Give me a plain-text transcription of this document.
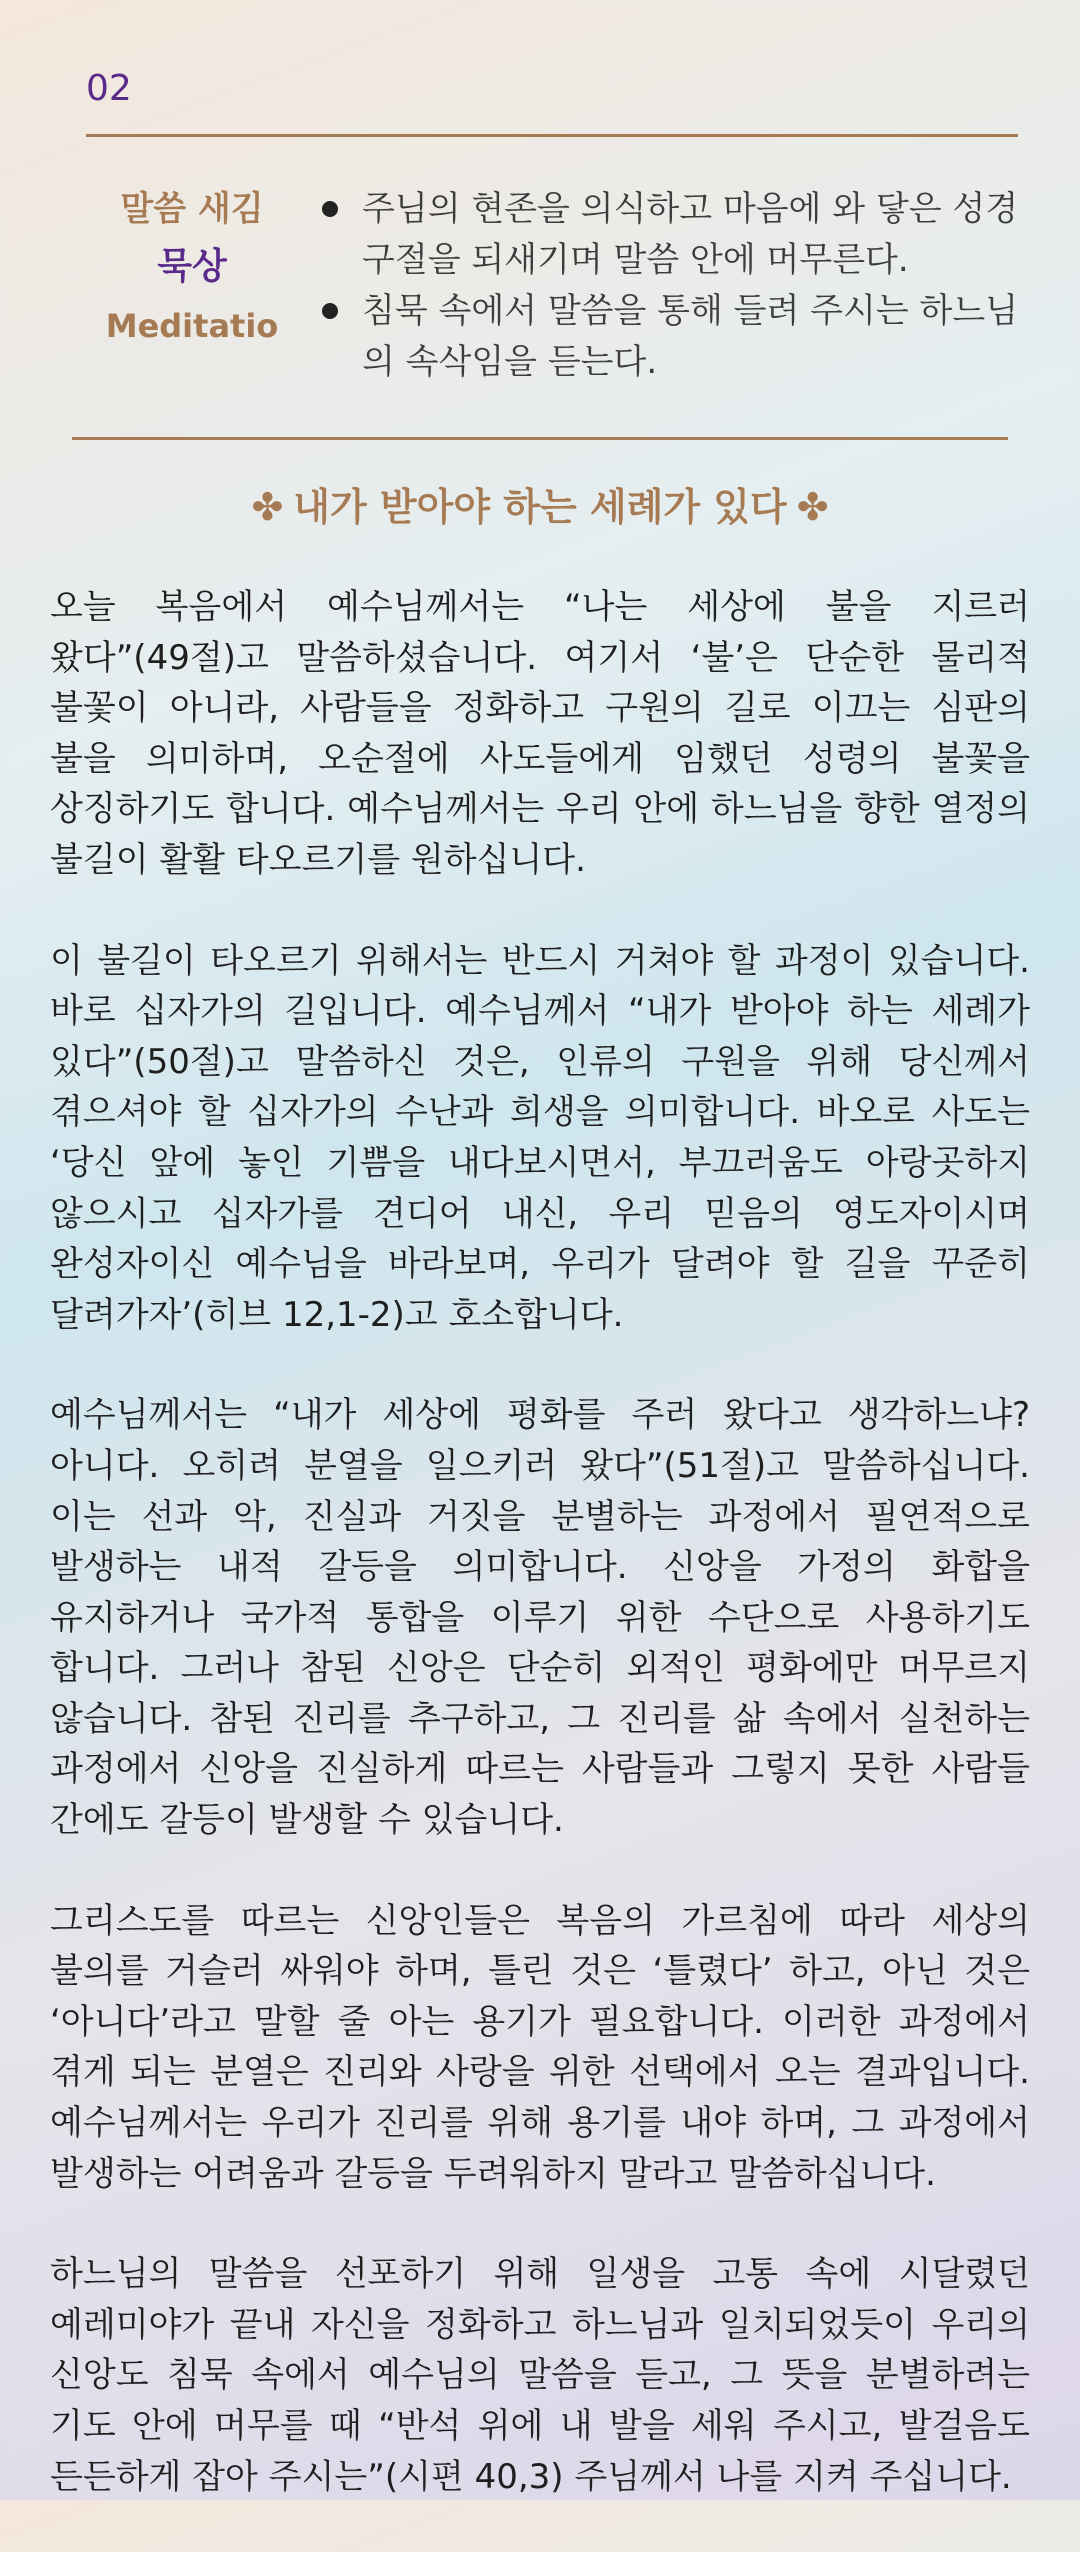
02
말씀 새김
묵상
Meditatio
주님의 현존을 의식하고 마음에 와 닿은 성경구절을 되새기며 말씀 안에 머무른다.
침묵 속에서 말씀을 통해 들려 주시는 하느님의 속삭임을 듣는다.
✤ 내가 받아야 하는 세례가 있다 ✤

오늘 복음에서 예수님께서는 “나는 세상에 불을 지르러 왔다”(49절)고 말씀하셨습니다. 여기서 ‘불’은 단순한 물리적 불꽃이 아니라, 사람들을 정화하고 구원의 길로 이끄는 심판의 불을 의미하며, 오순절에 사도들에게 임했던 성령의 불꽃을 상징하기도 합니다. 예수님께서는 우리 안에 하느님을 향한 열정의 불길이 활활 타오르기를 원하십니다.

이 불길이 타오르기 위해서는 반드시 거쳐야 할 과정이 있습니다. 바로 십자가의 길입니다. 예수님께서 “내가 받아야 하는 세례가 있다”(50절)고 말씀하신 것은, 인류의 구원을 위해 당신께서 겪으셔야 할 십자가의 수난과 희생을 의미합니다. 바오로 사도는 ‘당신 앞에 놓인 기쁨을 내다보시면서, 부끄러움도 아랑곳하지 않으시고 십자가를 견디어 내신, 우리 믿음의 영도자이시며 완성자이신 예수님을 바라보며, 우리가 달려야 할 길을 꾸준히 달려가자’(히브 12,1-2)고 호소합니다.

예수님께서는 “내가 세상에 평화를 주러 왔다고 생각하느냐? 아니다. 오히려 분열을 일으키러 왔다”(51절)고 말씀하십니다. 이는 선과 악, 진실과 거짓을 분별하는 과정에서 필연적으로 발생하는 내적 갈등을 의미합니다. 신앙을 가정의 화합을 유지하거나 국가적 통합을 이루기 위한 수단으로 사용하기도 합니다. 그러나 참된 신앙은 단순히 외적인 평화에만 머무르지 않습니다. 참된 진리를 추구하고, 그 진리를 삶 속에서 실천하는 과정에서 신앙을 진실하게 따르는 사람들과 그렇지 못한 사람들 간에도 갈등이 발생할 수 있습니다.

그리스도를 따르는 신앙인들은 복음의 가르침에 따라 세상의 불의를 거슬러 싸워야 하며, 틀린 것은 ‘틀렸다’ 하고, 아닌 것은 ‘아니다’라고 말할 줄 아는 용기가 필요합니다. 이러한 과정에서 겪게 되는 분열은 진리와 사랑을 위한 선택에서 오는 결과입니다. 예수님께서는 우리가 진리를 위해 용기를 내야 하며, 그 과정에서 발생하는 어려움과 갈등을 두려워하지 말라고 말씀하십니다.

하느님의 말씀을 선포하기 위해 일생을 고통 속에 시달렸던 예레미야가 끝내 자신을 정화하고 하느님과 일치되었듯이 우리의 신앙도 침묵 속에서 예수님의 말씀을 듣고, 그 뜻을 분별하려는 기도 안에 머무를 때 “반석 위에 내 발을 세워 주시고, 발걸음도 든든하게 잡아 주시는”(시편 40,3) 주님께서 나를 지켜 주십니다.
